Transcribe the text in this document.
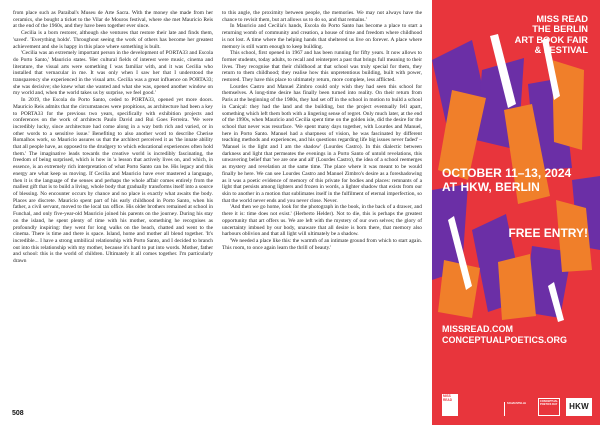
from place such as Paraibal's Museu de Arte Sacra. With the money she made from her ceramics, she bought a ticket to the Vilar de Mouros festival, where she met Mauricio Reis at the end of the 1960s, and they have been together ever since.

Cecilia is a born restorer, although she ventures that restore their late and finds them, 'saved'. 'Everything holds'. Throughout seeing the work of others has become her greatest achievement and she is happy in this place where something is built.

'Cecilia was an extremely important person in the development of PORTA33 and Escola do Porto Santo,' Mauricio states. 'Her cultural fields of interest were music, cinema and literature, the visual arts were something I was familiar with, and it was Cecilia who installed that vernacular in me. It was only when I saw her that I understood the transparency she experienced in the visual arts. Cecilia was a great influence on PORTA33; she was decisive; she knew what she wanted and what she was, opened another window on my world and, when the world takes us by surprise, we feel good.'

In 2019, the Escola do Porto Santo, ceded to PORTA33, opened yet more doors. Mauricio Reis admits that the circumstances were propitious, as architecture had been a key to PORTA33 for the previous two years, specifically with exhibition projects and conferences on the work of architects Paulo David and Rui Goes Ferreira. 'We were incredibly lucky, since architecture had come along in a way both rich and varied, or in other words to a sensitive issue.' Benefiting to also another word to describe Cherise Romalhos work, so Mauricio assures us that the architect perceived it as 'the innate ability that all people have, as opposed to the drudgery to which educational experiences often hold them.' The imaginative leads towards the creative world is incredibly fascinating, the freedom of being surprised, which is how in 'a lesson that actively lives on, and which, in essence, is an extremely rich interpretation of what Porto Santo can be. His legacy and this energy are what keep us moving. If Cecilia and Mauricio have ever mastered a language, then it is the language of the senses and perhaps the whole affair comes entirely from the mallest gift that is to build a living, whole body that gradually transforms itself into a source of blessing. No encounter occurs by chance and no place is exactly what awaits the body. Places are discrete. Mauricio spent part of his early childhood in Porto Santo, when his father, a civil servant, moved to the local tax office. His older brothers remained at school in Funchal, and only five-year-old Mauricio joined his parents on the journey. During his stay on the island, he spent plenty of time with his mother, something he recognises as profoundly inspiring: they went for long walks on the beach, chatted and went to the cinema. There is time and there is space. Island, home and mother all blend together. 'It's incredible... I have a strong umbilical relationship with Porto Santo, and I decided to branch out into this relationship with my mother, because it's hard to put into words. Mother, father and school: this is the world of children. Ultimately it all comes together. I'm particularly drawn

to this angle, the proximity between people, the memories. We may not always have the chance to revisit them, but art allows us to do so, and that remains.'

In Mauricio and Cecilia's hands, Escola do Porto Santo has become a place to start a returning womb of community and creation, a house of time and freedom where childhood is not lost. A time where the helping hands that sheltered us live on forever. A place where memory is still warm enough to keep building.

This school, first opened in 1967 and has been running for fifty years. It now allows to former students, today adults, to recall and reinterpret a past that brings full meaning to their lives. They recognise that their childhood at that school was truly special for them, they return to them childhood; they realise how this unpretentious building, built with power, restored. They have this place to ultimately return, more complete, less afflicted.

Lourdes Castro and Manuel Zimbro could only wish they had seen this school for themselves. A long-time desire has finally been turned into reality. On their return from Paris at the beginning of the 1980s, they had set off in the school in motion to build a school in Caniçal: they had the land and the building, but the project eventually fell apart, something which left them both with a lingering sense of regret. Only much later, at the end of the 1990s, when Mauricio and Cecilia spent time on the golden isle, did the desire for the school that never was resurface. 'We spent many days together, with Lourdes and Manuel, here in Porto Santo. Manuel had a sharpness of vision, he was fascinated by different teaching methods and experiences, and his questions regarding life big issues never faded' – 'Manuel is the light and I am the shadow' (Lourdes Castro). In this dialectic between darkness and light that permeates the evenings in a Porto Santo of untold revelations, this unwavering belief that 'we are one and all' (Lourdes Castro), the idea of a school reemerges as mystery and revelation at the same time. The place where it was meant to be would finally be here. We can see Lourdes Castro and Manuel Zimbro's desire as a foreshadowing as it was a poetic evidence of memory of this private for bodies and places: remnants of a light that persists among lighters and frozen in words, a lighter shadow that exists from our skin to another in a motion that sublimates itself in the fulfilment of eternal imperfection, so that the world never ends and you never close. Never.

'And then we go home, look for the photograph in the book, in the back of a drawer, and there it is: time does not exist.' (Herberto Helder). Not to die, this is perhaps the greatest opportunity that art offers us. We are left with the mystery of our own selves; the glory of uncertainty imbued by our body, unaware that all desire is born there, that memory also harbours oblivion and that all light will ultimately be a shadow.

'We needed a place like this: the warmth of an intimate ground from which to start again. This room, to once again learn the thrill of beauty.'

508
MISS READ
THE BERLIN
ART BOOK FAIR
& FESTIVAL
OCTOBER 11–13, 2024
AT HKW, BERLIN
FREE ENTRY!
MISSREAD.COM
CONCEPTUALPOETICS.ORG
MISS READ
SCHAUSTELLE
CONCEPTUAL POETICS DAY	HKW
